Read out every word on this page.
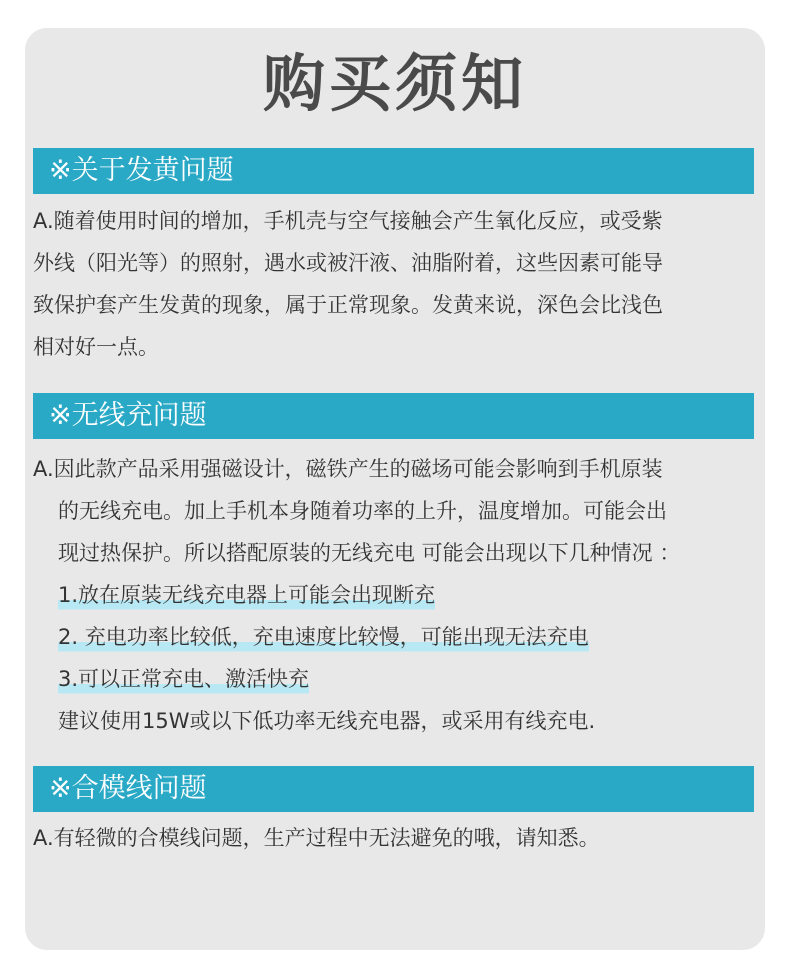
购买须知
※关于发黄问题
A.随着使用时间的增加，手机壳与空气接触会产生氧化反应，或受紫
外线（阳光等）的照射，遇水或被汗液、油脂附着，这些因素可能导
致保护套产生发黄的现象，属于正常现象。发黄来说，深色会比浅色
相对好一点。
※无线充问题
A.因此款产品采用强磁设计，磁铁产生的磁场可能会影响到手机原装
的无线充电。加上手机本身随着功率的上升，温度增加。可能会出
现过热保护。所以搭配原装的无线充电 可能会出现以下几种情况 ：
1.放在原装无线充电器上可能会出现断充
2. 充电功率比较低，充电速度比较慢，可能出现无法充电
3.可以正常充电、激活快充
建议使用15W或以下低功率无线充电器，或采用有线充电.
※合模线问题
A.有轻微的合模线问题，生产过程中无法避免的哦，请知悉。
